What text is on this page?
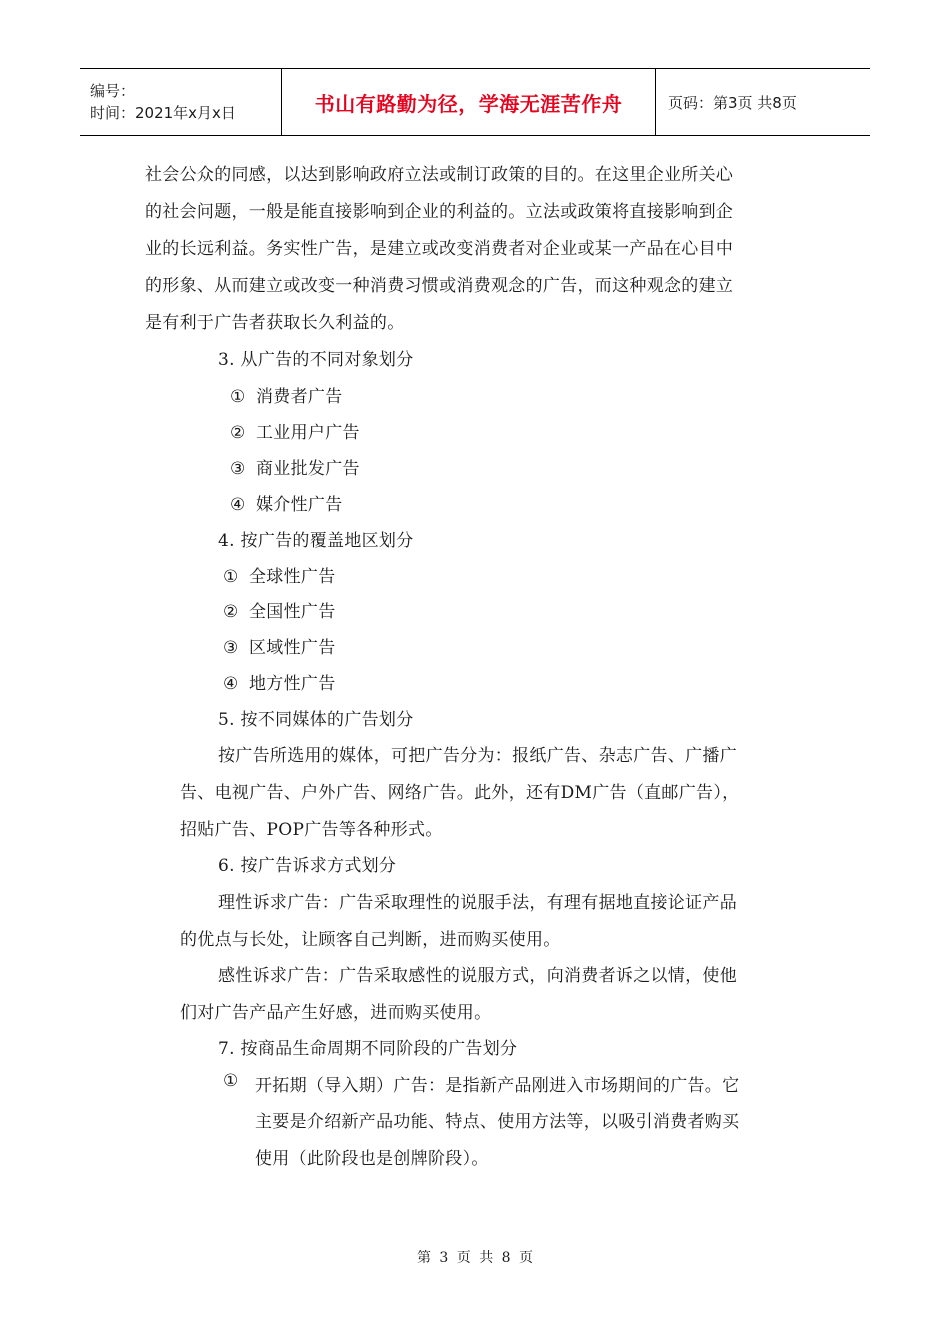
编号：
时间：2021年x月x日	书山有路勤为径，学海无涯苦作舟	页码：第3页 共8页
社会公众的同感，以达到影响政府立法或制订政策的目的。在这里企业所关心
的社会问题，一般是能直接影响到企业的利益的。立法或政策将直接影响到企
业的长远利益。务实性广告，是建立或改变消费者对企业或某一产品在心目中
的形象、从而建立或改变一种消费习惯或消费观念的广告，而这种观念的建立
是有利于广告者获取长久利益的。
3. 从广告的不同对象划分
① 消费者广告
② 工业用户广告
③ 商业批发广告
④ 媒介性广告
4. 按广告的覆盖地区划分
① 全球性广告
② 全国性广告
③ 区域性广告
④ 地方性广告
5. 按不同媒体的广告划分
按广告所选用的媒体，可把广告分为：报纸广告、杂志广告、广播广
告、电视广告、户外广告、网络广告。此外，还有DM广告（直邮广告），
招贴广告、POP广告等各种形式。
6. 按广告诉求方式划分
理性诉求广告：广告采取理性的说服手法，有理有据地直接论证产品
的优点与长处，让顾客自己判断，进而购买使用。
感性诉求广告：广告采取感性的说服方式，向消费者诉之以情，使他
们对广告产品产生好感，进而购买使用。
7. 按商品生命周期不同阶段的广告划分
① 开拓期（导入期）广告：是指新产品刚进入市场期间的广告。它
主要是介绍新产品功能、特点、使用方法等，以吸引消费者购买
使用（此阶段也是创牌阶段）。
第 3 页 共 8 页
